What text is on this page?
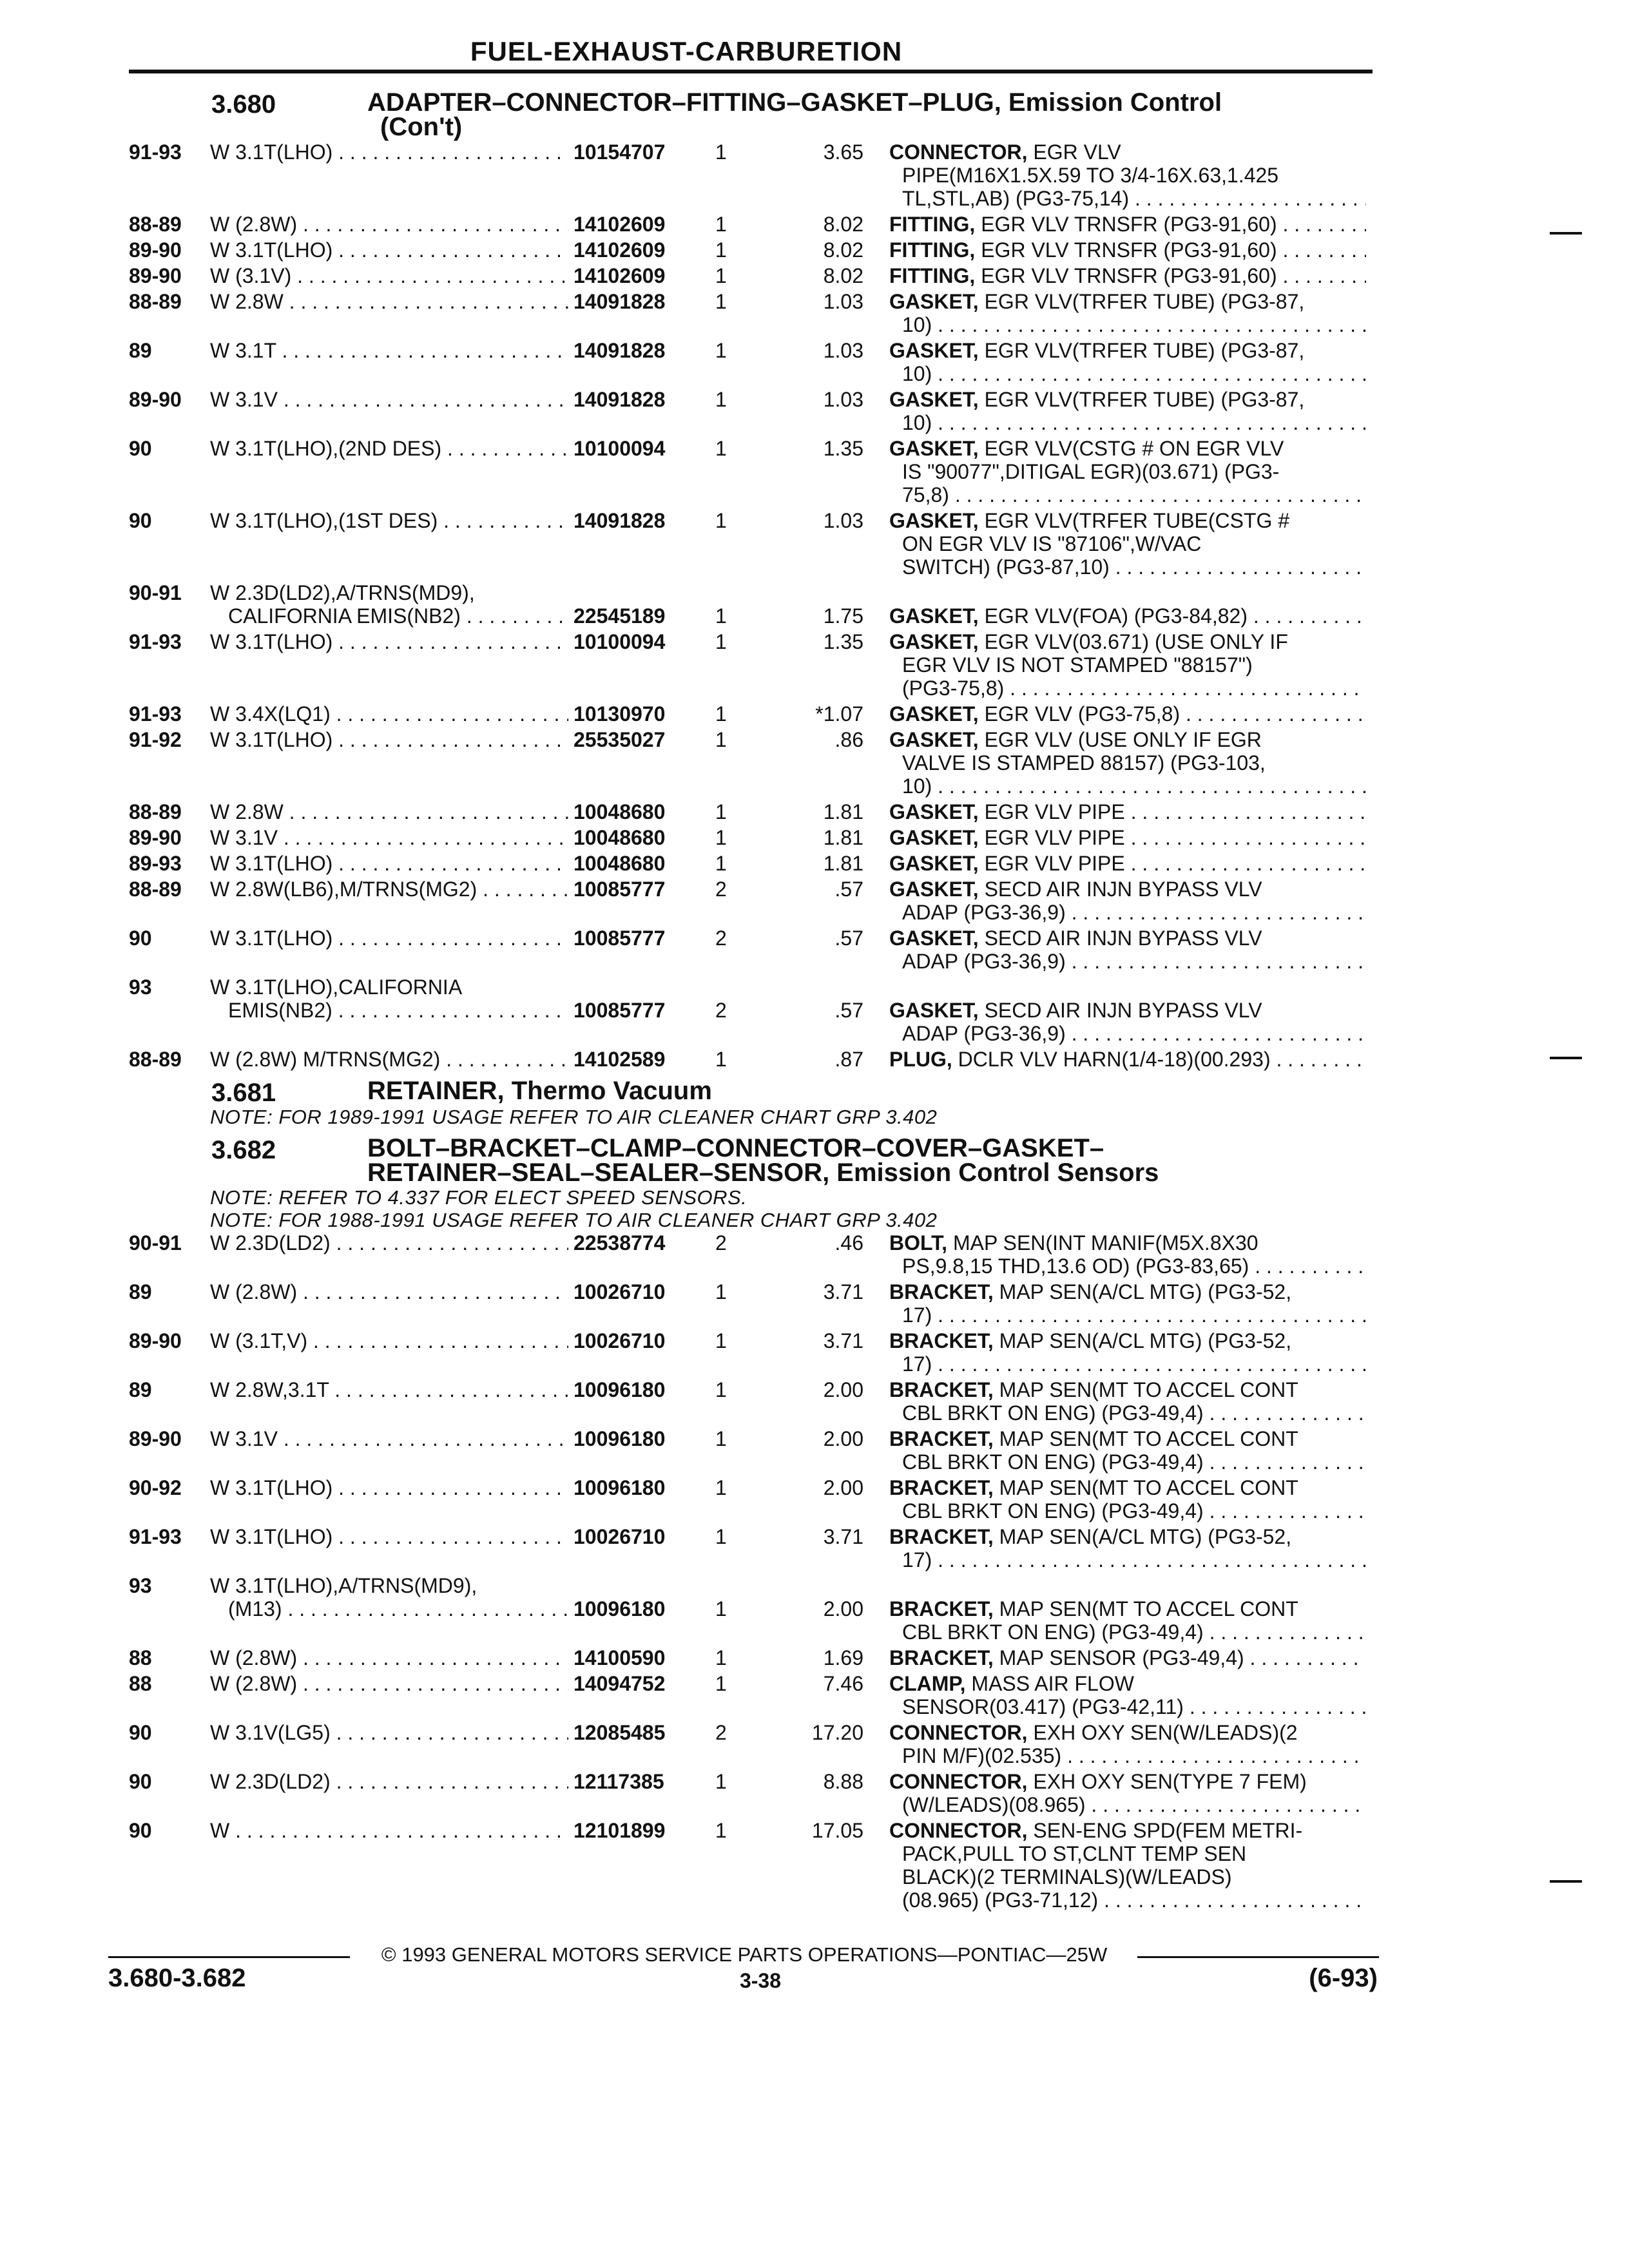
FUEL-EXHAUST-CARBURETION
3.680	ADAPTER–CONNECTOR–FITTING–GASKET–PLUG, Emission Control
(Con't)
91-93 W 3.1T(LHO) . . .	10154707	1	3.65 CONNECTOR, EGR VLV
PIPE(M16X1.5X.59 TO 3/4-16X.63,1.425
TL,STL,AB) (PG3-75,14) . . .
88-89 W (2.8W) . . .	14102609	1	8.02 FITTING, EGR VLV TRNSFR (PG3-91,60) . . .
89-90 W 3.1T(LHO) . . .	14102609	1	8.02 FITTING, EGR VLV TRNSFR (PG3-91,60) . . .
89-90 W (3.1V) . . .	14102609	1	8.02 FITTING, EGR VLV TRNSFR (PG3-91,60) . . .
88-89 W 2.8W . . .	14091828	1	1.03 GASKET, EGR VLV(TRFER TUBE) (PG3-87,
10) . . .
89	W 3.1T . . .	14091828	1	1.03 GASKET, EGR VLV(TRFER TUBE) (PG3-87,
10) . . .
89-90 W 3.1V . . .	14091828	1	1.03 GASKET, EGR VLV(TRFER TUBE) (PG3-87,
10) . . .
90	W 3.1T(LHO),(2ND DES) . . .	10100094	1	1.35 GASKET, EGR VLV(CSTG # ON EGR VLV
IS "90077",DITIGAL EGR)(03.671) (PG3-
75,8) . . .
90	W 3.1T(LHO),(1ST DES) . . .	14091828	1	1.03 GASKET, EGR VLV(TRFER TUBE(CSTG #
ON EGR VLV IS "87106",W/VAC
SWITCH) (PG3-87,10) . . .
90-91 W 2.3D(LD2),A/TRNS(MD9),
CALIFORNIA EMIS(NB2) . . .	22545189	1	1.75 GASKET, EGR VLV(FOA) (PG3-84,82) . . .
91-93 W 3.1T(LHO) . . .	10100094	1	1.35 GASKET, EGR VLV(03.671) (USE ONLY IF
EGR VLV IS NOT STAMPED "88157")
(PG3-75,8) . . .
91-93 W 3.4X(LQ1) . . .	10130970	1	*1.07 GASKET, EGR VLV (PG3-75,8) . . .
91-92 W 3.1T(LHO) . . .	25535027	1	.86 GASKET, EGR VLV (USE ONLY IF EGR
VALVE IS STAMPED 88157) (PG3-103,
10) . . .
88-89 W 2.8W . . .	10048680	1	1.81 GASKET, EGR VLV PIPE . . .
89-90 W 3.1V . . .	10048680	1	1.81 GASKET, EGR VLV PIPE . . .
89-93 W 3.1T(LHO) . . .	10048680	1	1.81 GASKET, EGR VLV PIPE . . .
88-89 W 2.8W(LB6),M/TRNS(MG2) . . .	10085777	2	.57 GASKET, SECD AIR INJN BYPASS VLV
ADAP (PG3-36,9) . . .
90	W 3.1T(LHO) . . .	10085777	2	.57 GASKET, SECD AIR INJN BYPASS VLV
ADAP (PG3-36,9) . . .
93	W 3.1T(LHO),CALIFORNIA
EMIS(NB2) . . .	10085777	2	.57 GASKET, SECD AIR INJN BYPASS VLV
ADAP (PG3-36,9) . . .
88-89 W (2.8W) M/TRNS(MG2) . . .	14102589	1	.87 PLUG, DCLR VLV HARN(1/4-18)(00.293) . . .
3.681	RETAINER, Thermo Vacuum
NOTE: FOR 1989-1991 USAGE REFER TO AIR CLEANER CHART GRP 3.402
3.682	BOLT–BRACKET–CLAMP–CONNECTOR–COVER–GASKET–
RETAINER–SEAL–SEALER–SENSOR, Emission Control Sensors
NOTE: REFER TO 4.337 FOR ELECT SPEED SENSORS.
NOTE: FOR 1988-1991 USAGE REFER TO AIR CLEANER CHART GRP 3.402
90-91 W 2.3D(LD2) . . .	22538774	2	.46 BOLT, MAP SEN(INT MANIF(M5X.8X30
PS,9.8,15 THD,13.6 OD) (PG3-83,65) . . .
89	W (2.8W) . . .	10026710	1	3.71 BRACKET, MAP SEN(A/CL MTG) (PG3-52,
17) . . .
89-90 W (3.1T,V) . . .	10026710	1	3.71 BRACKET, MAP SEN(A/CL MTG) (PG3-52,
17) . . .
89	W 2.8W,3.1T . . .	10096180	1	2.00 BRACKET, MAP SEN(MT TO ACCEL CONT
CBL BRKT ON ENG) (PG3-49,4) . . .
89-90 W 3.1V . . .	10096180	1	2.00 BRACKET, MAP SEN(MT TO ACCEL CONT
CBL BRKT ON ENG) (PG3-49,4) . . .
90-92 W 3.1T(LHO) . . .	10096180	1	2.00 BRACKET, MAP SEN(MT TO ACCEL CONT
CBL BRKT ON ENG) (PG3-49,4) . . .
91-93 W 3.1T(LHO) . . .	10026710	1	3.71 BRACKET, MAP SEN(A/CL MTG) (PG3-52,
17) . . .
93	W 3.1T(LHO),A/TRNS(MD9),
(M13) . . .	10096180	1	2.00 BRACKET, MAP SEN(MT TO ACCEL CONT
CBL BRKT ON ENG) (PG3-49,4) . . .
88	W (2.8W) . . .	14100590	1	1.69 BRACKET, MAP SENSOR (PG3-49,4) . . .
88	W (2.8W) . . .	14094752	1	7.46 CLAMP, MASS AIR FLOW
SENSOR(03.417) (PG3-42,11) . . .
90	W 3.1V(LG5) . . .	12085485	2	17.20 CONNECTOR, EXH OXY SEN(W/LEADS)(2
PIN M/F)(02.535) . . .
90	W 2.3D(LD2) . . .	12117385	1	8.88 CONNECTOR, EXH OXY SEN(TYPE 7 FEM)
(W/LEADS)(08.965) . . .
90	W . . .	12101899	1	17.05 CONNECTOR, SEN-ENG SPD(FEM METRI-
PACK,PULL TO ST,CLNT TEMP SEN
BLACK)(2 TERMINALS)(W/LEADS)
(08.965) (PG3-71,12) . . .
© 1993 GENERAL MOTORS SERVICE PARTS OPERATIONS—PONTIAC—25W
3.680-3.682	3-38	(6-93)
